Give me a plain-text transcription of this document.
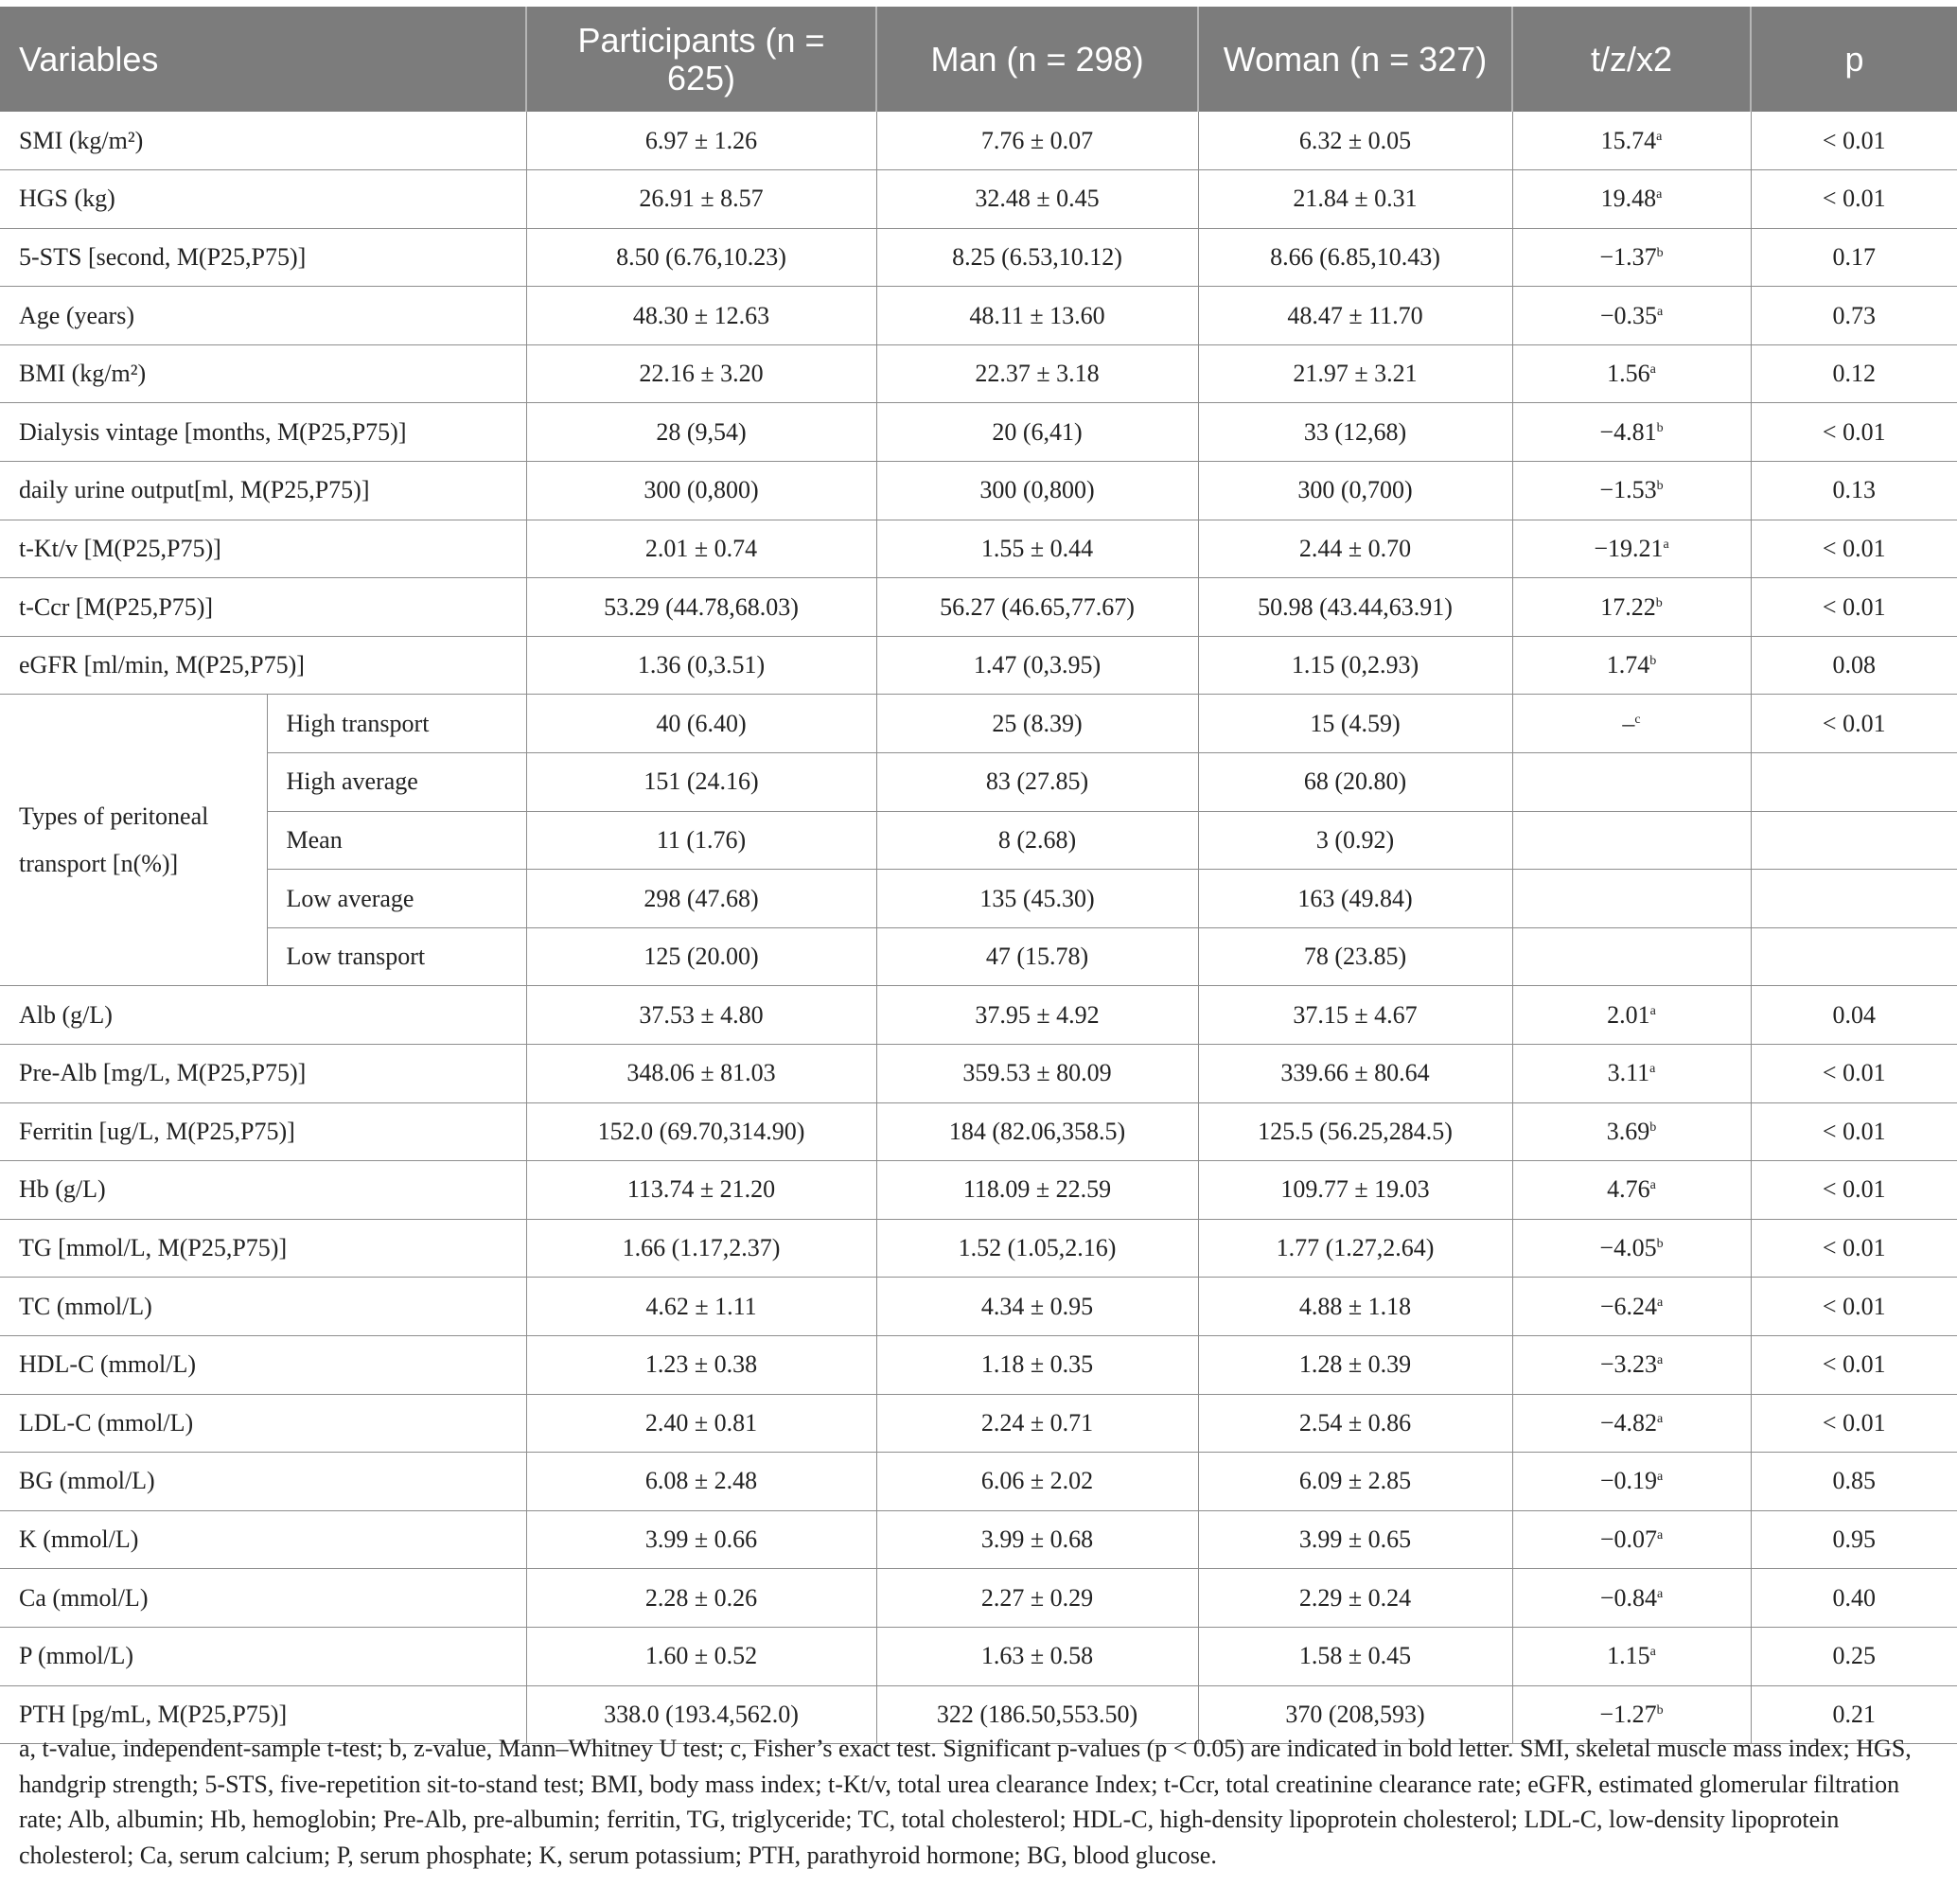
Variables		Participants (n = 625)	Man (n = 298)	Woman (n = 327)	t/z/x2	p
SMI (kg/m²)		6.97 ± 1.26	7.76 ± 0.07	6.32 ± 0.05	15.74$^a$	< 0.01
HGS (kg)		26.91 ± 8.57	32.48 ± 0.45	21.84 ± 0.31	19.48$^a$	< 0.01
5-STS [second, M(P25,P75)]		8.50 (6.76,10.23)	8.25 (6.53,10.12)	8.66 (6.85,10.43)	−1.37$^b$	0.17
Age (years)		48.30 ± 12.63	48.11 ± 13.60	48.47 ± 11.70	−0.35$^a$	0.73
BMI (kg/m²)		22.16 ± 3.20	22.37 ± 3.18	21.97 ± 3.21	1.56$^a$	0.12
Dialysis vintage [months, M(P25,P75)]		28 (9,54)	20 (6,41)	33 (12,68)	−4.81$^b$	< 0.01
daily urine output[ml, M(P25,P75)]		300 (0,800)	300 (0,800)	300 (0,700)	−1.53$^b$	0.13
t-Kt/v [M(P25,P75)]		2.01 ± 0.74	1.55 ± 0.44	2.44 ± 0.70	−19.21$^a$	< 0.01
t-Ccr [M(P25,P75)]		53.29 (44.78,68.03)	56.27 (46.65,77.67)	50.98 (43.44,63.91)	17.22$^b$	< 0.01
eGFR [ml/min, M(P25,P75)]		1.36 (0,3.51)	1.47 (0,3.95)	1.15 (0,2.93)	1.74$^b$	0.08
Types of peritoneal transport [n(%)]	High transport	40 (6.40)	25 (8.39)	15 (4.59)	–$^c$	< 0.01
	High average	151 (24.16)	83 (27.85)	68 (20.80)		
	Mean	11 (1.76)	8 (2.68)	3 (0.92)		
	Low average	298 (47.68)	135 (45.30)	163 (49.84)		
	Low transport	125 (20.00)	47 (15.78)	78 (23.85)		
Alb (g/L)		37.53 ± 4.80	37.95 ± 4.92	37.15 ± 4.67	2.01$^a$	0.04
Pre-Alb [mg/L, M(P25,P75)]		348.06 ± 81.03	359.53 ± 80.09	339.66 ± 80.64	3.11$^a$	< 0.01
Ferritin [ug/L, M(P25,P75)]		152.0 (69.70,314.90)	184 (82.06,358.5)	125.5 (56.25,284.5)	3.69$^b$	< 0.01
Hb (g/L)		113.74 ± 21.20	118.09 ± 22.59	109.77 ± 19.03	4.76$^a$	< 0.01
TG [mmol/L, M(P25,P75)]		1.66 (1.17,2.37)	1.52 (1.05,2.16)	1.77 (1.27,2.64)	−4.05$^b$	< 0.01
TC (mmol/L)		4.62 ± 1.11	4.34 ± 0.95	4.88 ± 1.18	−6.24$^a$	< 0.01
HDL-C (mmol/L)		1.23 ± 0.38	1.18 ± 0.35	1.28 ± 0.39	−3.23$^a$	< 0.01
LDL-C (mmol/L)		2.40 ± 0.81	2.24 ± 0.71	2.54 ± 0.86	−4.82$^a$	< 0.01
BG (mmol/L)		6.08 ± 2.48	6.06 ± 2.02	6.09 ± 2.85	−0.19$^a$	0.85
K (mmol/L)		3.99 ± 0.66	3.99 ± 0.68	3.99 ± 0.65	−0.07$^a$	0.95
Ca (mmol/L)		2.28 ± 0.26	2.27 ± 0.29	2.29 ± 0.24	−0.84$^a$	0.40
P (mmol/L)		1.60 ± 0.52	1.63 ± 0.58	1.58 ± 0.45	1.15$^a$	0.25
PTH [pg/mL, M(P25,P75)]		338.0 (193.4,562.0)	322 (186.50,553.50)	370 (208,593)	−1.27$^b$	0.21
a, t-value, independent-sample t-test; b, z-value, Mann–Whitney U test; c, Fisher’s exact test. Significant p-values (p < 0.05) are indicated in bold letter. SMI, skeletal muscle mass index; HGS, handgrip strength; 5-STS, five-repetition sit-to-stand test; BMI, body mass index; t-Kt/v, total urea clearance Index; t-Ccr, total creatinine clearance rate; eGFR, estimated glomerular filtration rate; Alb, albumin; Hb, hemoglobin; Pre-Alb, pre-albumin; ferritin, TG, triglyceride; TC, total cholesterol; HDL-C, high-density lipoprotein cholesterol; LDL-C, low-density lipoprotein cholesterol; Ca, serum calcium; P, serum phosphate; K, serum potassium; PTH, parathyroid hormone; BG, blood glucose.
